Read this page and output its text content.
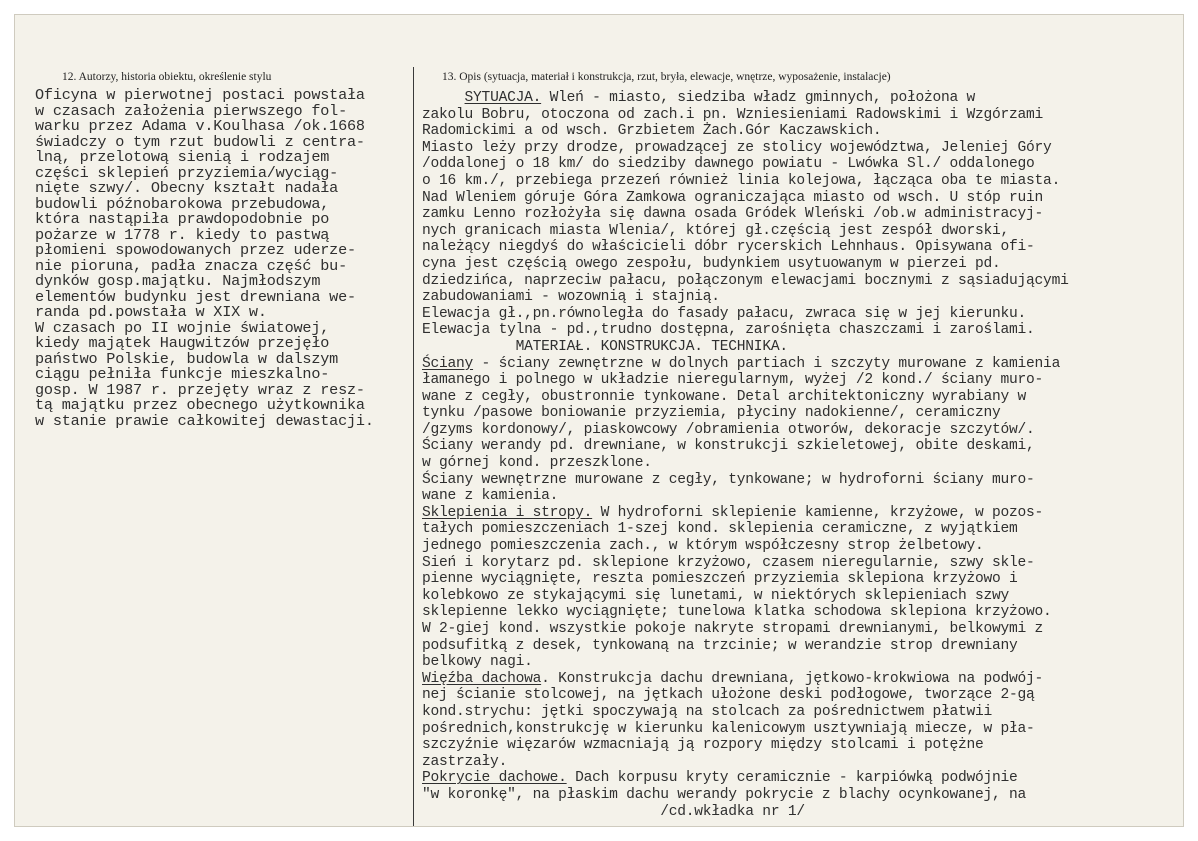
12. Autorzy, historia obiektu, określenie stylu	13. Opis (sytuacja, materiał i konstrukcja, rzut, bryła, elewacje, wnętrze, wyposażenie, instalacje)
Oficyna w pierwotnej postaci powstała
w czasach założenia pierwszego fol-
warku przez Adama v.Koulhasa /ok.1668
świadczy o tym rzut budowli z centra-
lną, przelotową sienią i rodzajem
części sklepień przyziemia/wyciąg-
nięte szwy/. Obecny kształt nadała
budowli późnobarokowa przebudowa,
która nastąpiła prawdopodobnie po
pożarze w 1778 r. kiedy to pastwą
płomieni spowodowanych przez uderze-
nie pioruna, padła znacza część bu-
dynków gosp.majątku. Najmłodszym
elementów budynku jest drewniana we-
randa pd.powstała w XIX w.
W czasach po II wojnie światowej,
kiedy majątek Haugwitzów przejęło
państwo Polskie, budowla w dalszym
ciągu pełniła funkcje mieszkalno-
gosp. W 1987 r. przejęty wraz z resz-
tą majątku przez obecnego użytkownika
w stanie prawie całkowitej dewastacji.
SYTUACJA. Wleń - miasto, siedziba władz gminnych, położona w
zakolu Bobru, otoczona od zach.i pn. Wzniesieniami Radowskimi i Wzgórzami
Radomickimi a od wsch. Grzbietem Żach.Gór Kaczawskich.
Miasto leży przy drodze, prowadzącej ze stolicy województwa, Jeleniej Góry
/oddalonej o 18 km/ do siedziby dawnego powiatu - Lwówka Sl./ oddalonego
o 16 km./, przebiega przezeń również linia kolejowa, łącząca oba te miasta.
Nad Wleniem góruje Góra Zamkowa ograniczająca miasto od wsch. U stóp ruin
zamku Lenno rozłożyła się dawna osada Gródek Wleński /ob.w administracyj-
nych granicach miasta Wlenia/, której gł.częścią jest zespół dworski,
należący niegdyś do właścicieli dóbr rycerskich Lehnhaus. Opisywana ofi-
cyna jest częścią owego zespołu, budynkiem usytuowanym w pierzei pd.
dziedzińca, naprzeciw pałacu, połączonym elewacjami bocznymi z sąsiadującymi
zabudowaniami - wozownią i stajnią.
Elewacja gł.,pn.równoległa do fasady pałacu, zwraca się w jej kierunku.
Elewacja tylna - pd.,trudno dostępna, zarośnięta chaszczami i zaroślami.
MATERIAŁ. KONSTRUKCJA. TECHNIKA.
Ściany - ściany zewnętrzne w dolnych partiach i szczyty murowane z kamienia
łamanego i polnego w układzie nieregularnym, wyżej /2 kond./ ściany muro-
wane z cegły, obustronnie tynkowane. Detal architektoniczny wyrabiany w
tynku /pasowe boniowanie przyziemia, płyciny nadokienne/, ceramiczny
/gzyms kordonowy/, piaskowcowy /obramienia otworów, dekoracje szczytów/.
Ściany werandy pd. drewniane, w konstrukcji szkieletowej, obite deskami,
w górnej kond. przeszklone.
Ściany wewnętrzne murowane z cegły, tynkowane; w hydroforni ściany muro-
wane z kamienia.
Sklepienia i stropy. W hydroforni sklepienie kamienne, krzyżowe, w pozos-
tałych pomieszczeniach 1-szej kond. sklepienia ceramiczne, z wyjątkiem
jednego pomieszczenia zach., w którym współczesny strop żelbetowy.
Sień i korytarz pd. sklepione krzyżowo, czasem nieregularnie, szwy skle-
pienne wyciągnięte, reszta pomieszczeń przyziemia sklepiona krzyżowo i
kolebkowo ze stykającymi się lunetami, w niektórych sklepieniach szwy
sklepienne lekko wyciągnięte; tunelowa klatka schodowa sklepiona krzyżowo.
W 2-giej kond. wszystkie pokoje nakryte stropami drewnianymi, belkowymi z
podsufitką z desek, tynkowaną na trzcinie; w werandzie strop drewniany
belkowy nagi.
Więźba dachowa. Konstrukcja dachu drewniana, jętkowo-krokwiowa na podwój-
nej ścianie stolcowej, na jętkach ułożone deski podłogowe, tworzące 2-gą
kond.strychu: jętki spoczywają na stolcach za pośrednictwem płatwii
pośrednich,konstrukcję w kierunku kalenicowym usztywniają miecze, w pła-
szczyźnie więzarów wzmacniają ją rozpory między stolcami i potężne
zastrzały.
Pokrycie dachowe. Dach korpusu kryty ceramicznie - karpiówką podwójnie
"w koronkę", na płaskim dachu werandy pokrycie z blachy ocynkowanej, na
/cd.wkładka nr 1/
